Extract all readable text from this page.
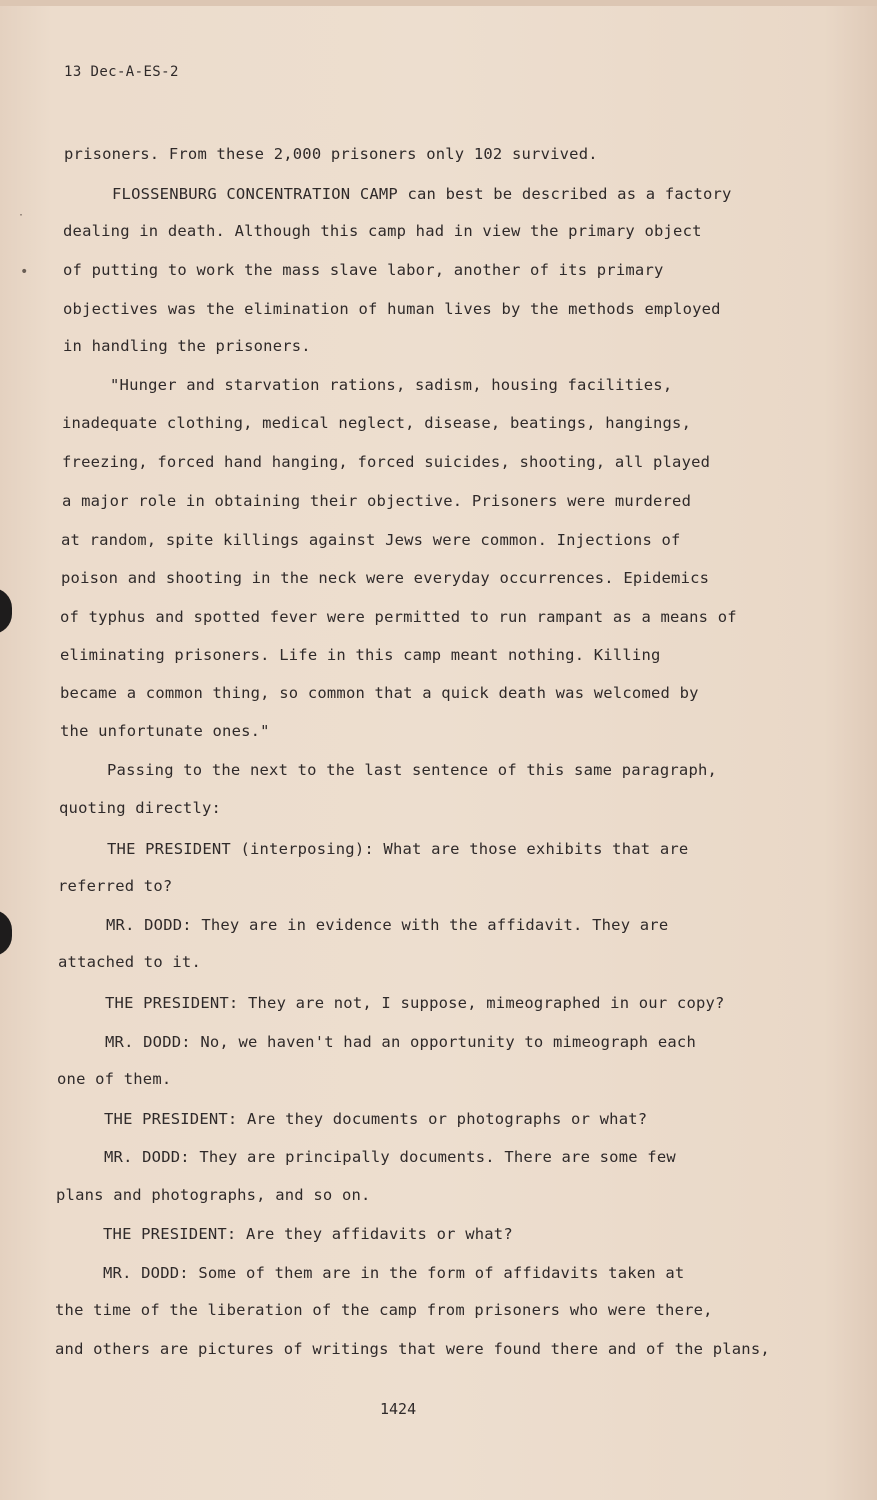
·
•
13 Dec-A-ES-2
prisoners. From these 2,000 prisoners only 102 survived.
FLOSSENBURG CONCENTRATION CAMP can best be described as a factory
dealing in death. Although this camp had in view the primary object
of putting to work the mass slave labor, another of its primary
objectives was the elimination of human lives by the methods employed
in handling the prisoners.
"Hunger and starvation rations, sadism, housing facilities,
inadequate clothing, medical neglect, disease, beatings, hangings,
freezing, forced hand hanging, forced suicides, shooting, all played
a major role in obtaining their objective. Prisoners were murdered
at random, spite killings against Jews were common. Injections of
poison and shooting in the neck were everyday occurrences. Epidemics
of typhus and spotted fever were permitted to run rampant as a means of
eliminating prisoners. Life in this camp meant nothing. Killing
became a common thing, so common that a quick death was welcomed by
the unfortunate ones."
Passing to the next to the last sentence of this same paragraph,
quoting directly:
THE PRESIDENT (interposing): What are those exhibits that are
referred to?
MR. DODD: They are in evidence with the affidavit. They are
attached to it.
THE PRESIDENT: They are not, I suppose, mimeographed in our copy?
MR. DODD: No, we haven't had an opportunity to mimeograph each
one of them.
THE PRESIDENT: Are they documents or photographs or what?
MR. DODD: They are principally documents. There are some few
plans and photographs, and so on.
THE PRESIDENT: Are they affidavits or what?
MR. DODD: Some of them are in the form of affidavits taken at
the time of the liberation of the camp from prisoners who were there,
and others are pictures of writings that were found there and of the plans,
1424
